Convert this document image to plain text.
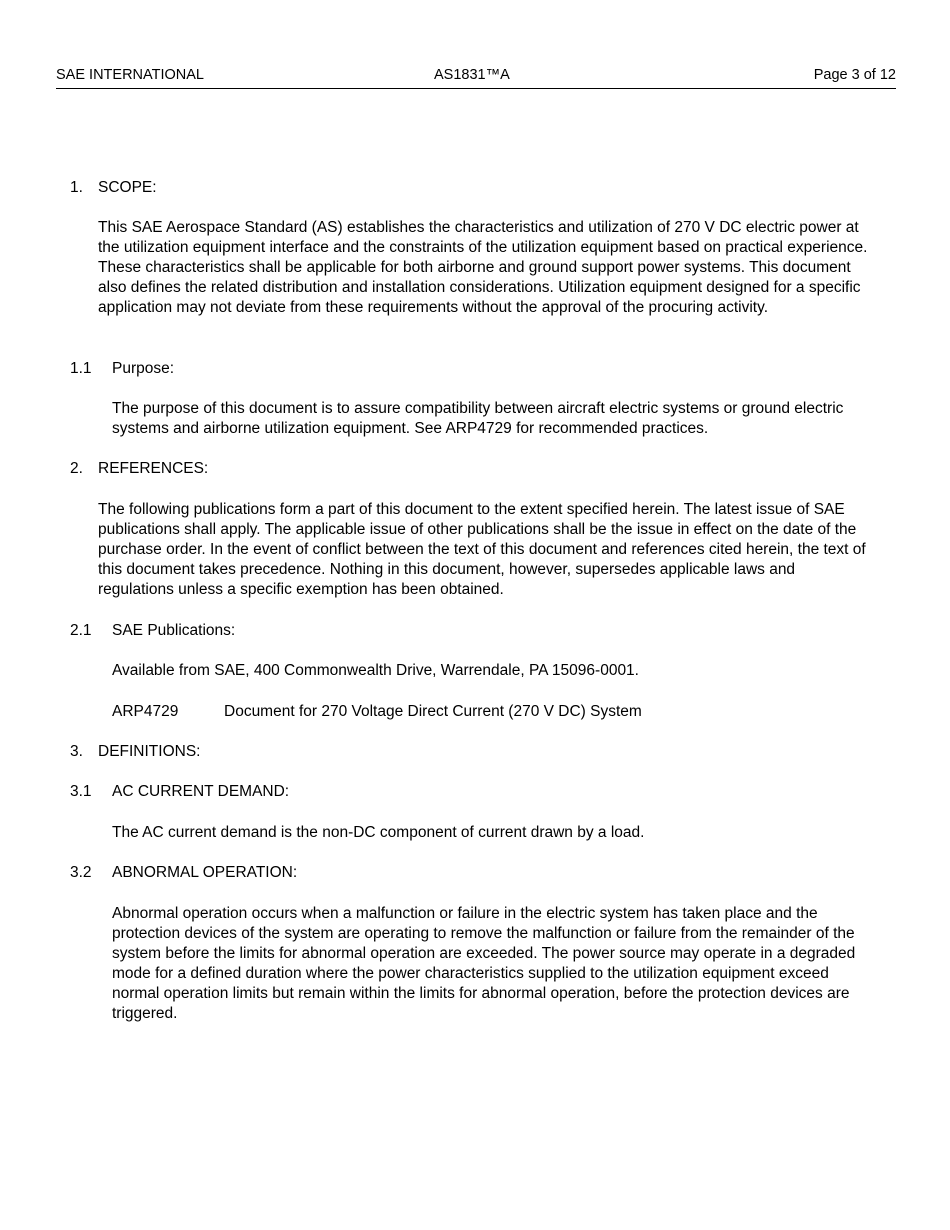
SAE INTERNATIONAL	AS1831™A	Page 3 of 12
1. SCOPE:

This SAE Aerospace Standard (AS) establishes the characteristics and utilization of 270 V DC electric power at the utilization equipment interface and the constraints of the utilization equipment based on practical experience. These characteristics shall be applicable for both airborne and ground support power systems. This document also defines the related distribution and installation considerations. Utilization equipment designed for a specific application may not deviate from these requirements without the approval of the procuring activity.

1.1 Purpose:

The purpose of this document is to assure compatibility between aircraft electric systems or ground electric systems and airborne utilization equipment. See ARP4729 for recommended practices.

2. REFERENCES:

The following publications form a part of this document to the extent specified herein. The latest issue of SAE publications shall apply. The applicable issue of other publications shall be the issue in effect on the date of the purchase order. In the event of conflict between the text of this document and references cited herein, the text of this document takes precedence. Nothing in this document, however, supersedes applicable laws and regulations unless a specific exemption has been obtained.

2.1 SAE Publications:

Available from SAE, 400 Commonwealth Drive, Warrendale, PA 15096-0001.

ARP4729	Document for 270 Voltage Direct Current (270 V DC) System
3. DEFINITIONS:
3.1 AC CURRENT DEMAND:

The AC current demand is the non-DC component of current drawn by a load.

3.2 ABNORMAL OPERATION:

Abnormal operation occurs when a malfunction or failure in the electric system has taken place and the protection devices of the system are operating to remove the malfunction or failure from the remainder of the system before the limits for abnormal operation are exceeded. The power source may operate in a degraded mode for a defined duration where the power characteristics supplied to the utilization equipment exceed normal operation limits but remain within the limits for abnormal operation, before the protection devices are triggered.
